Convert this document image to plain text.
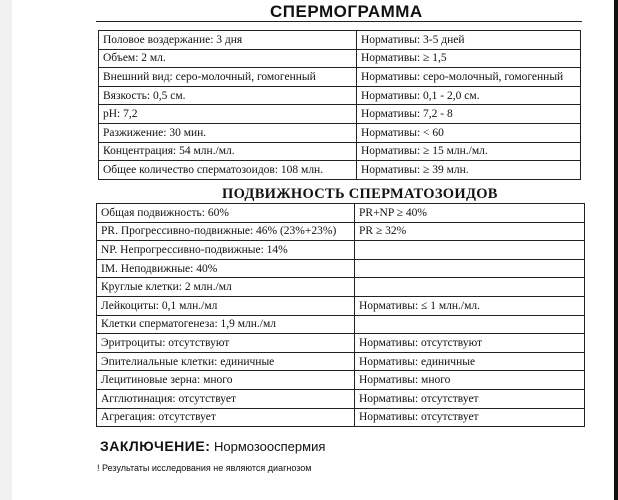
СПЕРМОГРАММА
Половое воздержание: 3 дня	Нормативы: 3-5 дней
Объем: 2 мл.	Нормативы: ≥ 1,5
Внешний вид: серо-молочный, гомогенный	Нормативы: серо-молочный, гомогенный
Вязкость: 0,5 см.	Нормативы: 0,1 - 2,0 см.
pH: 7,2	Нормативы: 7,2 - 8
Разжижение: 30 мин.	Нормативы: < 60
Концентрация: 54 млн./мл.	Нормативы: ≥ 15 млн./мл.
Общее количество сперматозоидов: 108 млн.	Нормативы: ≥ 39 млн.
ПОДВИЖНОСТЬ СПЕРМАТОЗОИДОВ
Общая подвижность: 60%	PR+NP ≥ 40%
PR. Прогрессивно-подвижные: 46% (23%+23%)	PR ≥ 32%
NP. Непрогрессивно-подвижные: 14%	
IM. Неподвижные: 40%	
Круглые клетки: 2 млн./мл	
Лейкоциты: 0,1 млн./мл	Нормативы: ≤ 1 млн./мл.
Клетки сперматогенеза: 1,9 млн./мл	
Эритроциты: отсутствуют	Нормативы: отсутствуют
Эпителиальные клетки: единичные	Нормативы: единичные
Лецитиновые зерна: много	Нормативы: много
Агглютинация: отсутствует	Нормативы: отсутствует
Агрегация: отсутствует	Нормативы: отсутствует
ЗАКЛЮЧЕНИЕ: Нормозооспермия
! Результаты исследования не являются диагнозом
